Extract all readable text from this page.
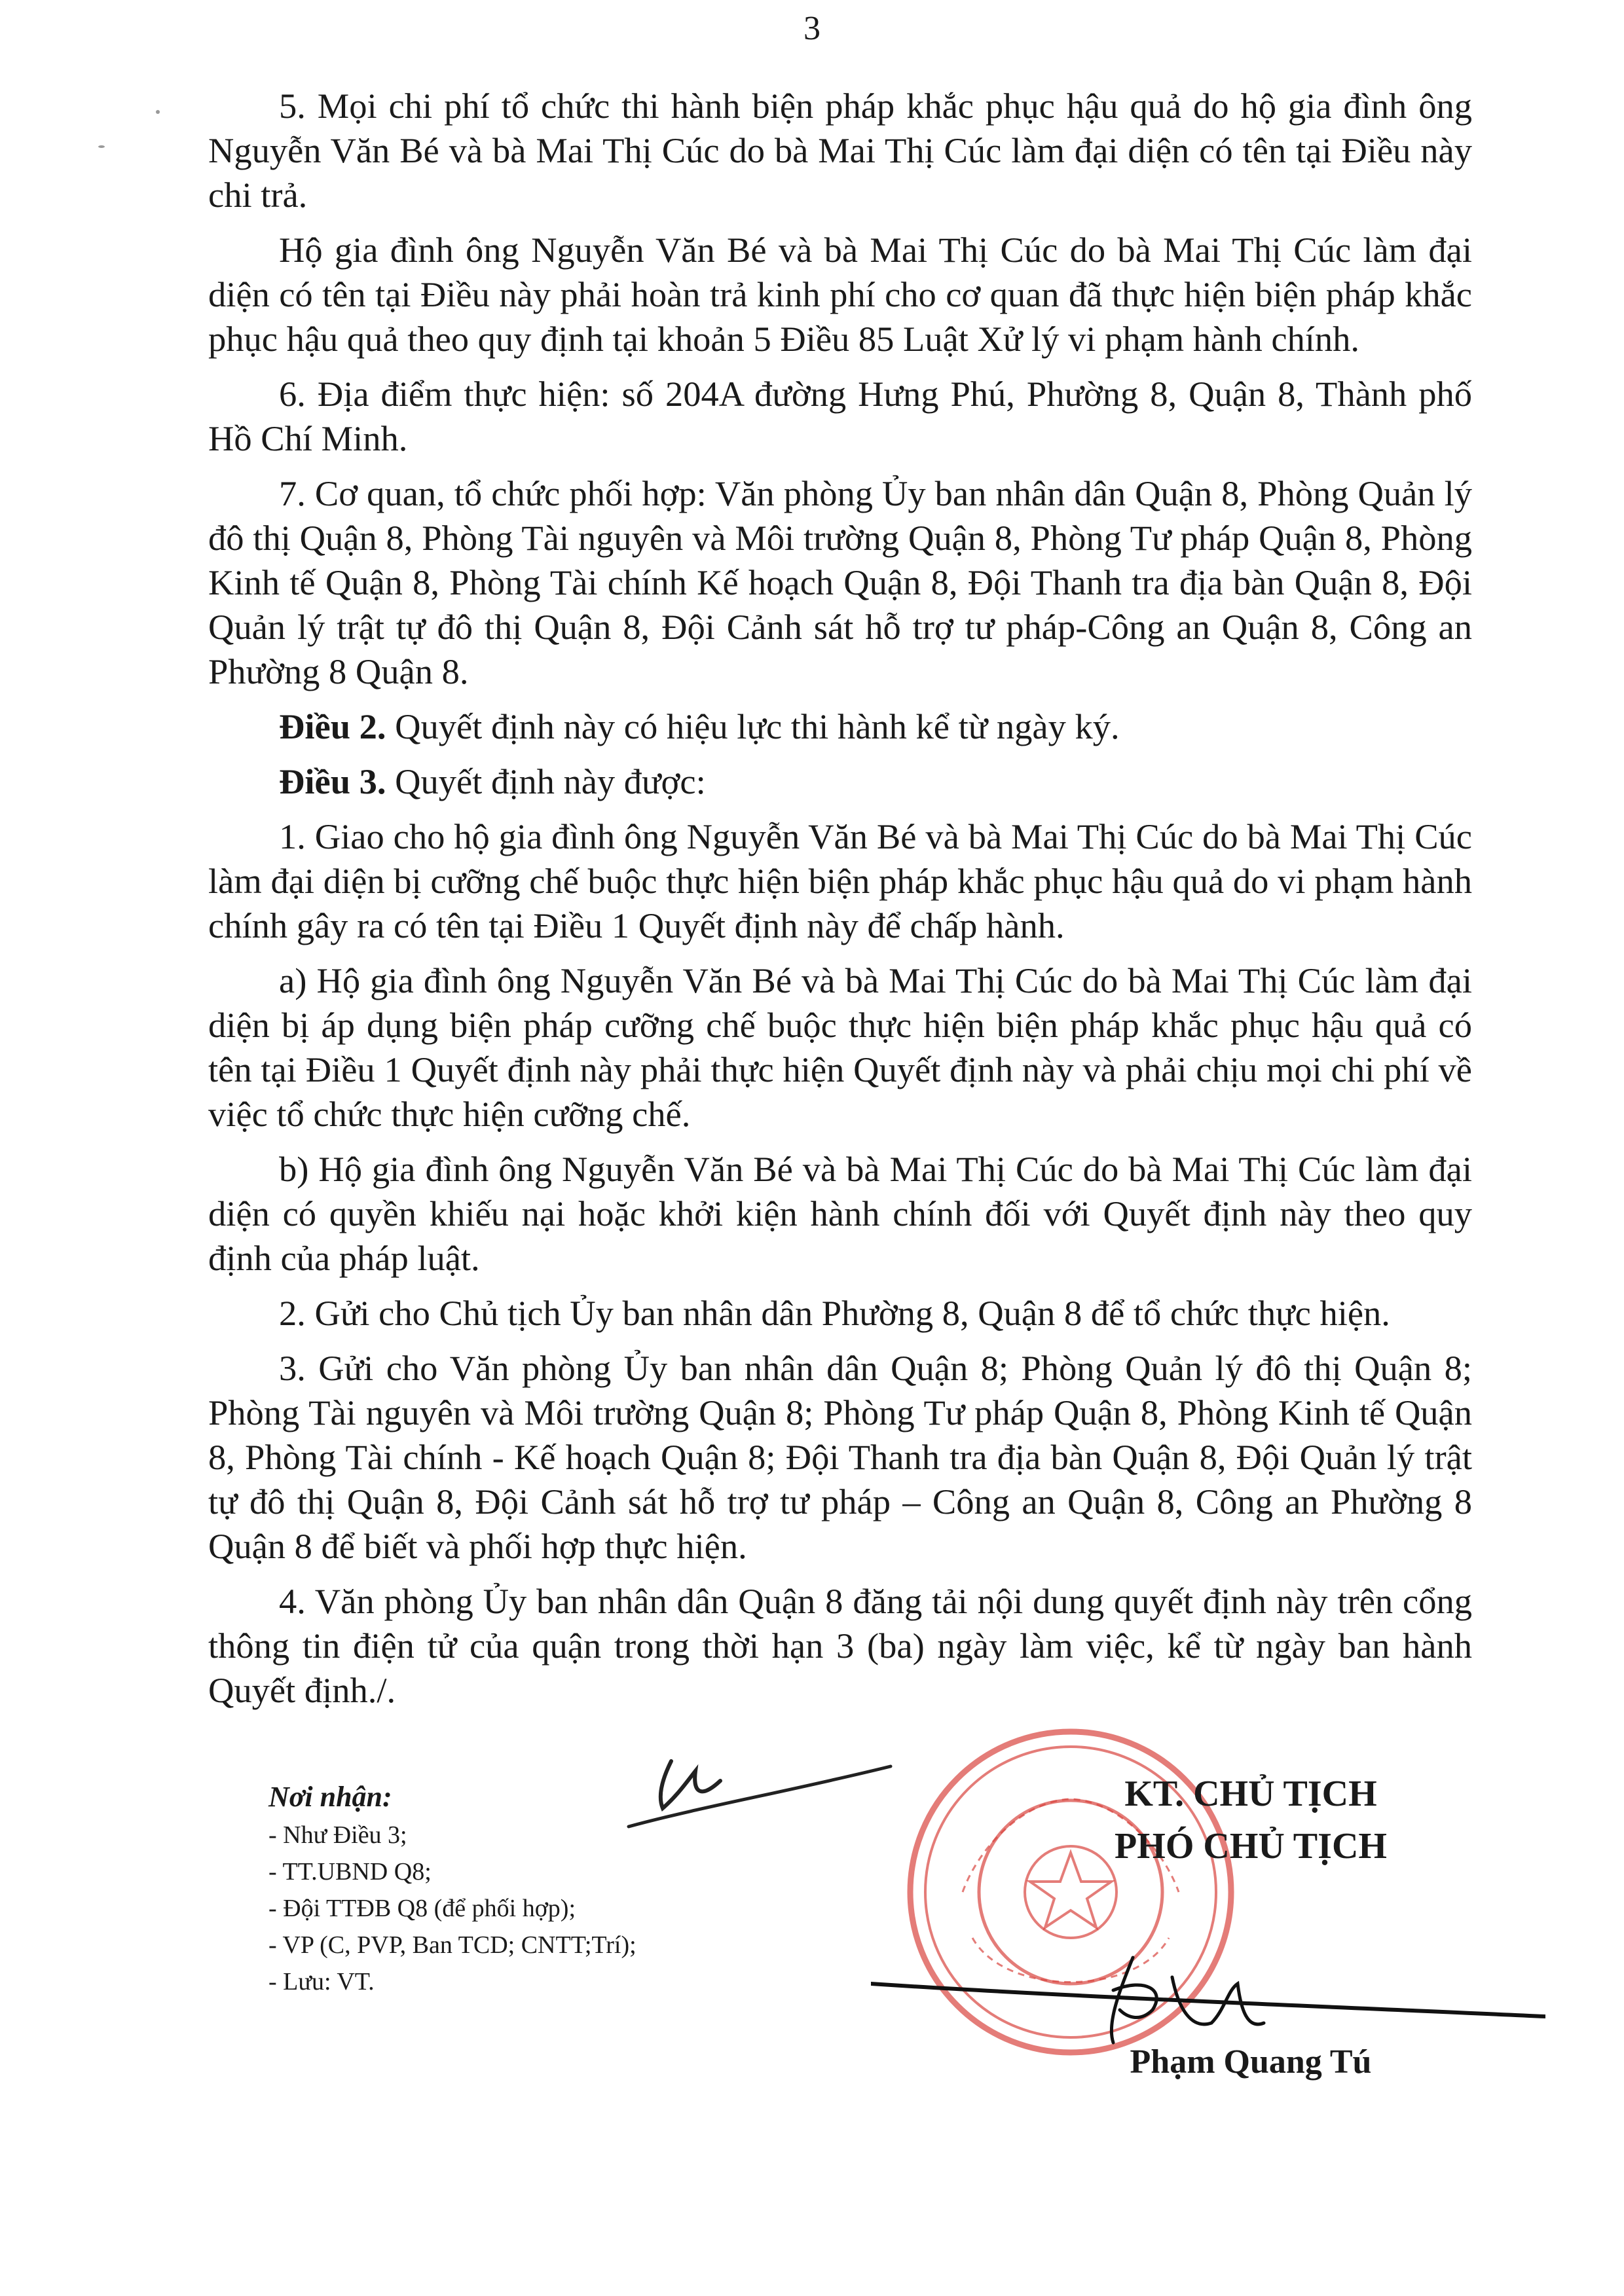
3

5. Mọi chi phí tổ chức thi hành biện pháp khắc phục hậu quả do hộ gia đình ông Nguyễn Văn Bé và bà Mai Thị Cúc do bà Mai Thị Cúc làm đại diện có tên tại Điều này chi trả.

Hộ gia đình ông Nguyễn Văn Bé và bà Mai Thị Cúc do bà Mai Thị Cúc làm đại diện có tên tại Điều này phải hoàn trả kinh phí cho cơ quan đã thực hiện biện pháp khắc phục hậu quả theo quy định tại khoản 5 Điều 85 Luật Xử lý vi phạm hành chính.

6. Địa điểm thực hiện: số 204A đường Hưng Phú, Phường 8, Quận 8, Thành phố Hồ Chí Minh.

7. Cơ quan, tổ chức phối hợp: Văn phòng Ủy ban nhân dân Quận 8, Phòng Quản lý đô thị Quận 8, Phòng Tài nguyên và Môi trường Quận 8, Phòng Tư pháp Quận 8, Phòng Kinh tế Quận 8, Phòng Tài chính Kế hoạch Quận 8, Đội Thanh tra địa bàn Quận 8, Đội Quản lý trật tự đô thị Quận 8, Đội Cảnh sát hỗ trợ tư pháp-Công an Quận 8, Công an Phường 8 Quận 8.

Điều 2. Quyết định này có hiệu lực thi hành kể từ ngày ký.

Điều 3. Quyết định này được:

1. Giao cho hộ gia đình ông Nguyễn Văn Bé và bà Mai Thị Cúc do bà Mai Thị Cúc làm đại diện bị cưỡng chế buộc thực hiện biện pháp khắc phục hậu quả do vi phạm hành chính gây ra có tên tại Điều 1 Quyết định này để chấp hành.

a) Hộ gia đình ông Nguyễn Văn Bé và bà Mai Thị Cúc do bà Mai Thị Cúc làm đại diện bị áp dụng biện pháp cưỡng chế buộc thực hiện biện pháp khắc phục hậu quả có tên tại Điều 1 Quyết định này phải thực hiện Quyết định này và phải chịu mọi chi phí về việc tổ chức thực hiện cưỡng chế.

b) Hộ gia đình ông Nguyễn Văn Bé và bà Mai Thị Cúc do bà Mai Thị Cúc làm đại diện có quyền khiếu nại hoặc khởi kiện hành chính đối với Quyết định này theo quy định của pháp luật.

2. Gửi cho Chủ tịch Ủy ban nhân dân Phường 8, Quận 8 để tổ chức thực hiện.

3. Gửi cho Văn phòng Ủy ban nhân dân Quận 8; Phòng Quản lý đô thị Quận 8; Phòng Tài nguyên và Môi trường Quận 8; Phòng Tư pháp Quận 8, Phòng Kinh tế Quận 8, Phòng Tài chính - Kế hoạch Quận 8; Đội Thanh tra địa bàn Quận 8, Đội Quản lý trật tự đô thị Quận 8, Đội Cảnh sát hỗ trợ tư pháp – Công an Quận 8, Công an Phường 8 Quận 8 để biết và phối hợp thực hiện.

4. Văn phòng Ủy ban nhân dân Quận 8 đăng tải nội dung quyết định này trên cổng thông tin điện tử của quận trong thời hạn 3 (ba) ngày làm việc, kể từ ngày ban hành Quyết định./.

Nơi nhận:
- Như Điều 3;
- TT.UBND Q8;
- Đội TTĐB Q8 (để phối hợp);
- VP (C, PVP, Ban TCD; CNTT;Trí);
- Lưu: VT.
KT. CHỦ TỊCH
PHÓ CHỦ TỊCH
Phạm Quang Tú
